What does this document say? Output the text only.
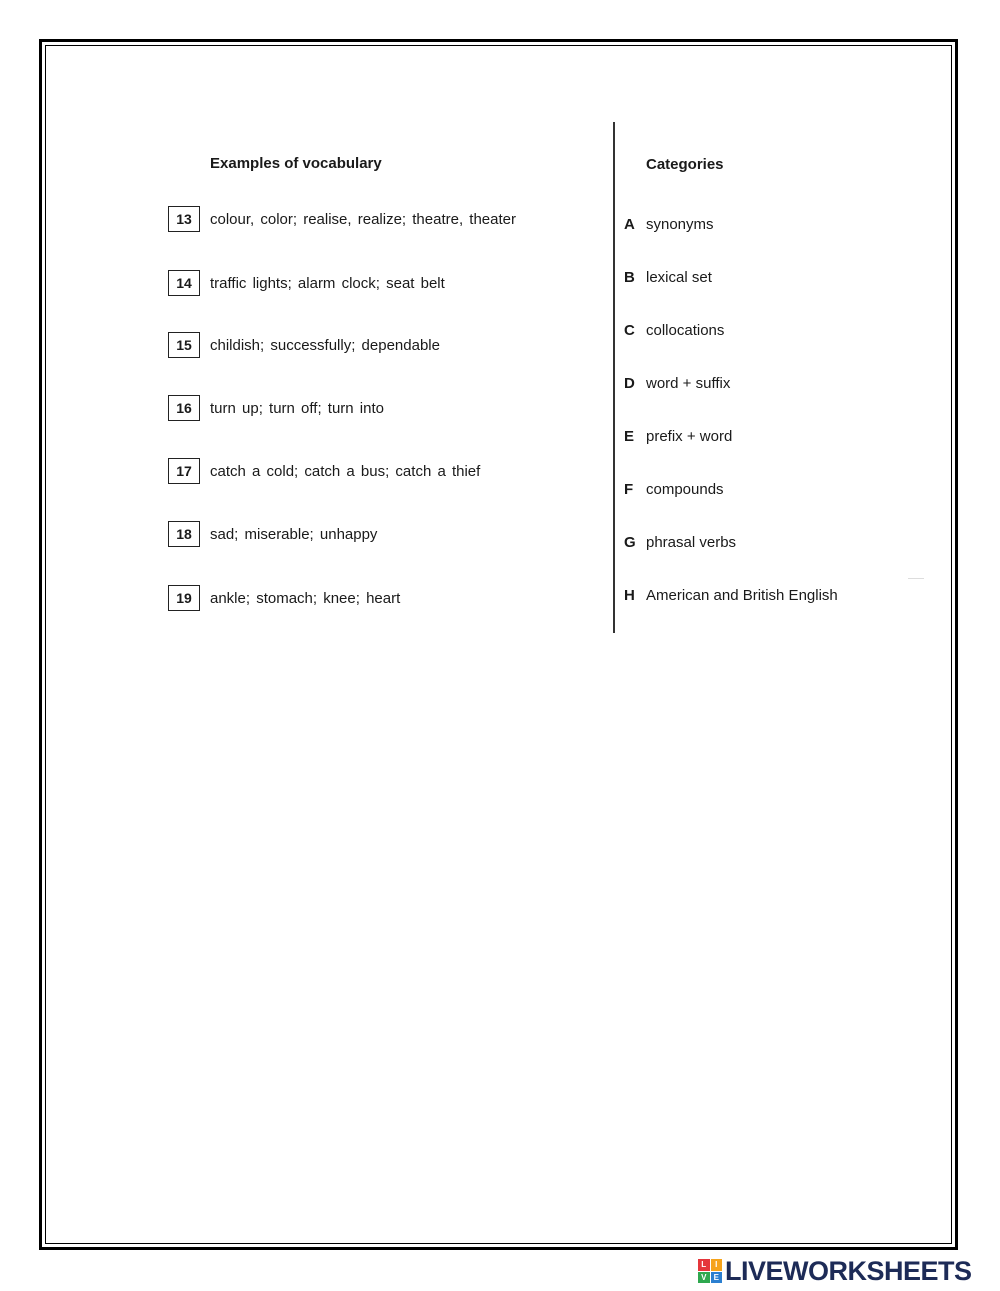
Examples of vocabulary	Categories
13	colour, color; realise, realize; theatre, theater
14	traffic lights; alarm clock; seat belt
15	childish; successfully; dependable
16	turn up; turn off; turn into
17	catch a cold; catch a bus; catch a thief
18	sad; miserable; unhappy
19	ankle; stomach; knee; heart
A synonyms
B lexical set
C collocations
D word + suffix
E prefix + word
F compounds
G phrasal verbs
H American and British English
L	I
V E LIVEWORKSHEETS
